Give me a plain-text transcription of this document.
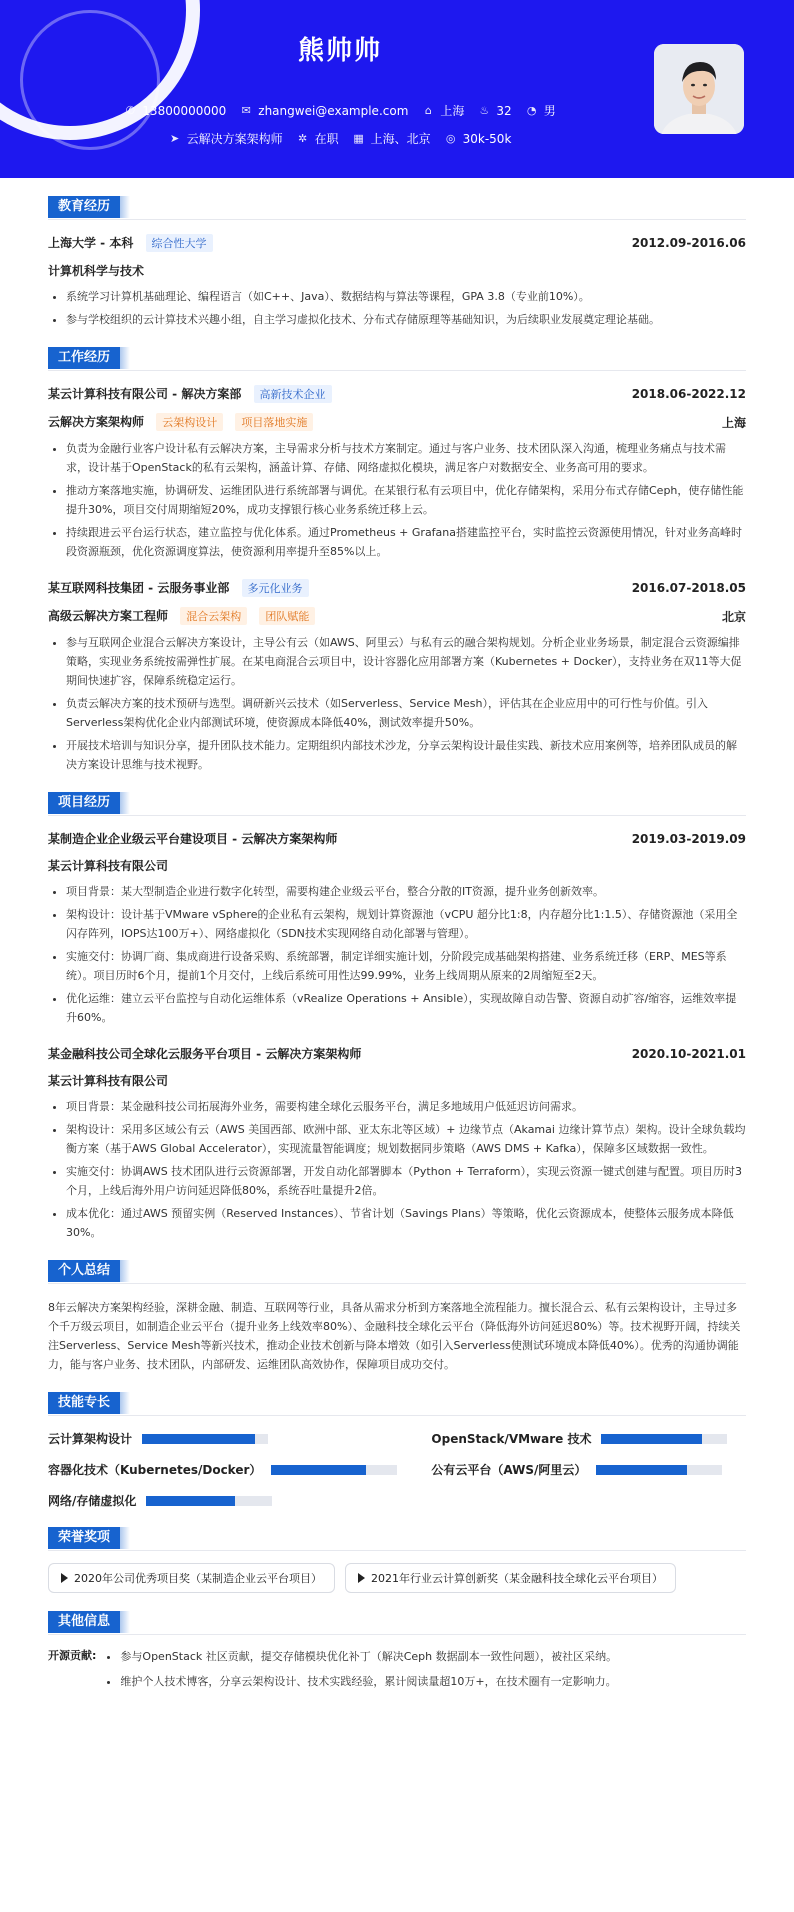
熊帅帅
✆ 13800000000 ✉ zhangwei@example.com ⌂ 上海 ♨ 32 ◔ 男
➤ 云解决方案架构师 ✲ 在职 ▦ 上海、北京 ◎ 30k-50k
教育经历
上海大学 - 本科 综合性大学	2012.09-2016.06
计算机科学与技术
• 系统学习计算机基础理论、编程语言（如C++、Java）、数据结构与算法等课程，GPA 3.8（专业前10%）。
• 参与学校组织的云计算技术兴趣小组，自主学习虚拟化技术、分布式存储原理等基础知识，为后续职业发展奠定理论基础。
工作经历
某云计算科技有限公司 - 解决方案部 高新技术企业	2018.06-2022.12
云解决方案架构师 云架构设计 项目落地实施	上海
• 负责为金融行业客户设计私有云解决方案，主导需求分析与技术方案制定。通过与客户业务、技术团队深入沟通，梳理业务痛点与技术需求，设计基于OpenStack的私有云架构，涵盖计算、存储、网络虚拟化模块，满足客户对数据安全、业务高可用的要求。
• 推动方案落地实施，协调研发、运维团队进行系统部署与调优。在某银行私有云项目中，优化存储架构，采用分布式存储Ceph，使存储性能提升30%，项目交付周期缩短20%，成功支撑银行核心业务系统迁移上云。
• 持续跟进云平台运行状态，建立监控与优化体系。通过Prometheus + Grafana搭建监控平台，实时监控云资源使用情况，针对业务高峰时段资源瓶颈，优化资源调度算法，使资源利用率提升至85%以上。
某互联网科技集团 - 云服务事业部 多元化业务	2016.07-2018.05
高级云解决方案工程师 混合云架构 团队赋能	北京
• 参与互联网企业混合云解决方案设计，主导公有云（如AWS、阿里云）与私有云的融合架构规划。分析企业业务场景，制定混合云资源编排策略，实现业务系统按需弹性扩展。在某电商混合云项目中，设计容器化应用部署方案（Kubernetes + Docker），支持业务在双11等大促期间快速扩容，保障系统稳定运行。
• 负责云解决方案的技术预研与选型。调研新兴云技术（如Serverless、Service Mesh），评估其在企业应用中的可行性与价值。引入Serverless架构优化企业内部测试环境，使资源成本降低40%，测试效率提升50%。
• 开展技术培训与知识分享，提升团队技术能力。定期组织内部技术沙龙，分享云架构设计最佳实践、新技术应用案例等，培养团队成员的解决方案设计思维与技术视野。
项目经历
某制造企业企业级云平台建设项目 - 云解决方案架构师	2019.03-2019.09
某云计算科技有限公司
• 项目背景：某大型制造企业进行数字化转型，需要构建企业级云平台，整合分散的IT资源，提升业务创新效率。
• 架构设计：设计基于VMware vSphere的企业私有云架构，规划计算资源池（vCPU 超分比1:8，内存超分比1:1.5）、存储资源池（采用全闪存阵列，IOPS达100万+）、网络虚拟化（SDN技术实现网络自动化部署与管理）。
• 实施交付：协调厂商、集成商进行设备采购、系统部署，制定详细实施计划，分阶段完成基础架构搭建、业务系统迁移（ERP、MES等系统）。项目历时6个月，提前1个月交付，上线后系统可用性达99.99%，业务上线周期从原来的2周缩短至2天。
• 优化运维：建立云平台监控与自动化运维体系（vRealize Operations + Ansible），实现故障自动告警、资源自动扩容/缩容，运维效率提升60%。
某金融科技公司全球化云服务平台项目 - 云解决方案架构师	2020.10-2021.01
某云计算科技有限公司
• 项目背景：某金融科技公司拓展海外业务，需要构建全球化云服务平台，满足多地域用户低延迟访问需求。
• 架构设计：采用多区域公有云（AWS 美国西部、欧洲中部、亚太东北等区域）+ 边缘节点（Akamai 边缘计算节点）架构。设计全球负载均衡方案（基于AWS Global Accelerator），实现流量智能调度；规划数据同步策略（AWS DMS + Kafka），保障多区域数据一致性。
• 实施交付：协调AWS 技术团队进行云资源部署，开发自动化部署脚本（Python + Terraform），实现云资源一键式创建与配置。项目历时3个月，上线后海外用户访问延迟降低80%，系统吞吐量提升2倍。
• 成本优化：通过AWS 预留实例（Reserved Instances）、节省计划（Savings Plans）等策略，优化云资源成本，使整体云服务成本降低30%。
个人总结

8年云解决方案架构经验，深耕金融、制造、互联网等行业，具备从需求分析到方案落地全流程能力。擅长混合云、私有云架构设计，主导过多个千万级云项目，如制造企业云平台（提升业务上线效率80%）、金融科技全球化云平台（降低海外访问延迟80%）等。技术视野开阔，持续关注Serverless、Service Mesh等新兴技术，推动企业技术创新与降本增效（如引入Serverless使测试环境成本降低40%）。优秀的沟通协调能力，能与客户业务、技术团队，内部研发、运维团队高效协作，保障项目成功交付。

技能专长
云计算架构设计	OpenStack/VMware 技术
容器化技术（Kubernetes/Docker）	公有云平台（AWS/阿里云）
网络/存储虚拟化
荣誉奖项
2020年公司优秀项目奖（某制造企业云平台项目）	2021年行业云计算创新奖（某金融科技全球化云平台项目）
其他信息
开源贡献:
• 参与OpenStack 社区贡献，提交存储模块优化补丁（解决Ceph 数据副本一致性问题），被社区采纳。
• 维护个人技术博客，分享云架构设计、技术实践经验，累计阅读量超10万+，在技术圈有一定影响力。
